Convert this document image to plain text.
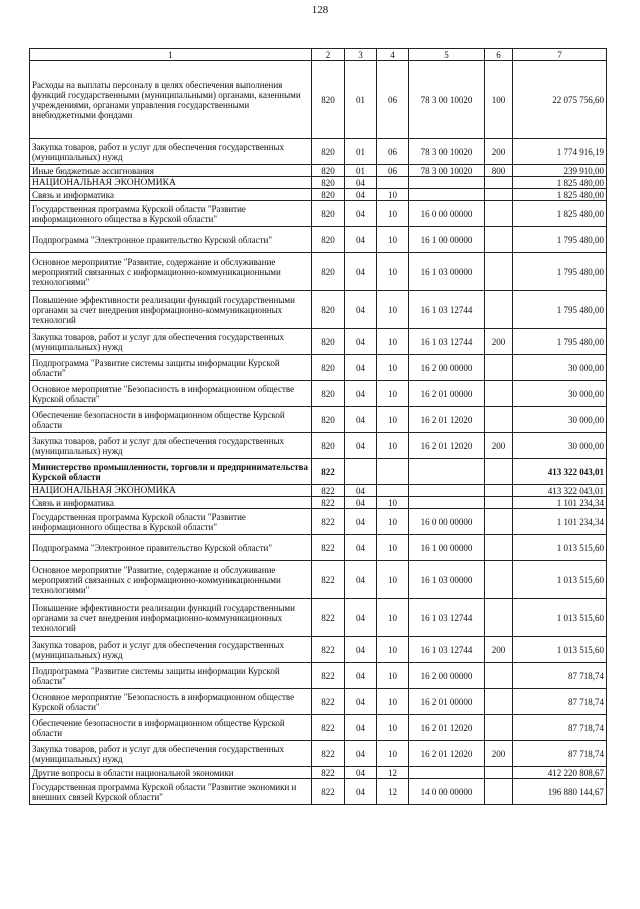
128
1	2	3	4	5	6	7
Расходы на выплаты персоналу в целях обеспечения выполнения функций государственными (муниципальными) органами, казенными учреждениями, органами управления государственными внебюджетными фондами	820	01	06	78 3 00 10020	100	22 075 756,60
Закупка товаров, работ и услуг для обеспечения государственных (муниципальных) нужд	820	01	06	78 3 00 10020	200	1 774 916,19
Иные бюджетные ассигнования	820	01	06	78 3 00 10020	800	239 910,00
НАЦИОНАЛЬНАЯ ЭКОНОМИКА	820	04				1 825 480,00
Связь и информатика	820	04	10			1 825 480,00
Государственная программа Курской области "Развитие информационного общества в Курской области"	820	04	10	16 0 00 00000		1 825 480,00
Подпрограмма "Электронное правительство Курской области"	820	04	10	16 1 00 00000		1 795 480,00
Основное мероприятие "Развитие, содержание и обслуживание мероприятий связанных с информационно-коммуникационными технологиями"	820	04	10	16 1 03 00000		1 795 480,00
Повышение эффективности реализации функций государственными органами за счет внедрения информационно-коммуникационных технологий	820	04	10	16 1 03 12744		1 795 480,00
Закупка товаров, работ и услуг для обеспечения государственных (муниципальных) нужд	820	04	10	16 1 03 12744	200	1 795 480,00
Подпрограмма "Развитие системы защиты информации Курской области"	820	04	10	16 2 00 00000		30 000,00
Основное мероприятие "Безопасность в информационном обществе Курской области"	820	04	10	16 2 01 00000		30 000,00
Обеспечение безопасности в информационном обществе Курской области	820	04	10	16 2 01 12020		30 000,00
Закупка товаров, работ и услуг для обеспечения государственных (муниципальных) нужд	820	04	10	16 2 01 12020	200	30 000,00
Министерство промышленности, торговли и предпринимательства Курской области	822					413 322 043,01
НАЦИОНАЛЬНАЯ ЭКОНОМИКА	822	04				413 322 043,01
Связь и информатика	822	04	10			1 101 234,34
Государственная программа Курской области "Развитие информационного общества в Курской области"	822	04	10	16 0 00 00000		1 101 234,34
Подпрограмма "Электронное правительство Курской области"	822	04	10	16 1 00 00000		1 013 515,60
Основное мероприятие "Развитие, содержание и обслуживание мероприятий связанных с информационно-коммуникационными технологиями"	822	04	10	16 1 03 00000		1 013 515,60
Повышение эффективности реализации функций государственными органами за счет внедрения информационно-коммуникационных технологий	822	04	10	16 1 03 12744		1 013 515,60
Закупка товаров, работ и услуг для обеспечения государственных (муниципальных) нужд	822	04	10	16 1 03 12744	200	1 013 515,60
Подпрограмма "Развитие системы защиты информации Курской области"	822	04	10	16 2 00 00000		87 718,74
Основное мероприятие "Безопасность в информационном обществе Курской области"	822	04	10	16 2 01 00000		87 718,74
Обеспечение безопасности в информационном обществе Курской области	822	04	10	16 2 01 12020		87 718,74
Закупка товаров, работ и услуг для обеспечения государственных (муниципальных) нужд	822	04	10	16 2 01 12020	200	87 718,74
Другие вопросы в области национальной экономики	822	04	12			412 220 808,67
Государственная программа Курской области "Развитие экономики и внешних связей Курской области"	822	04	12	14 0 00 00000		196 880 144,67
